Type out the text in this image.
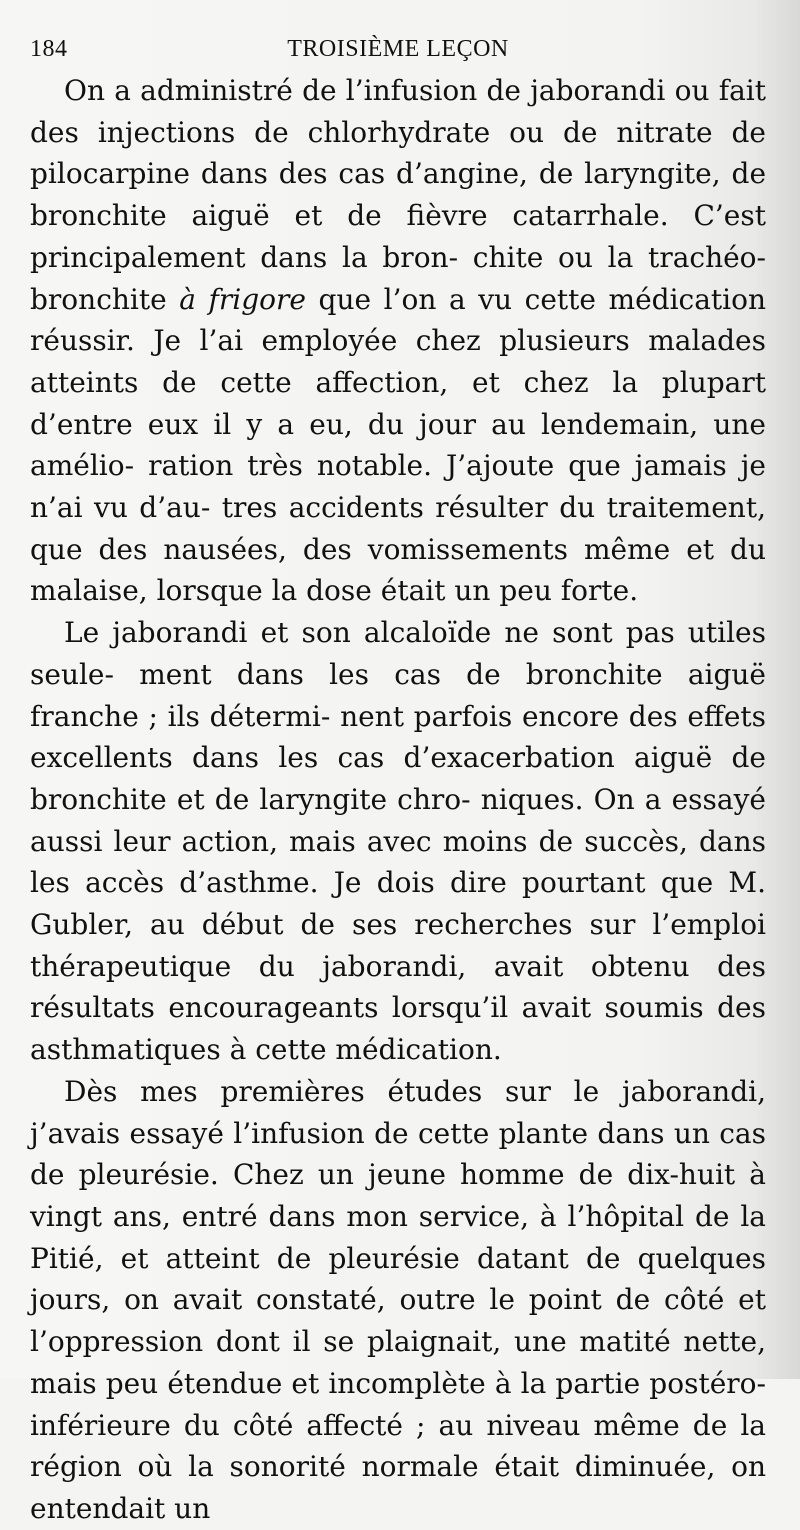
184	TROISIÈME LEÇON

On a administré de l’infusion de jaborandi ou fait des injections de chlorhydrate ou de nitrate de pilocarpine dans des cas d’angine, de laryngite, de bronchite aiguë et de fièvre catarrhale. C’est principalement dans la bron- chite ou la trachéo-bronchite à frigore que l’on a vu cette médication réussir. Je l’ai employée chez plusieurs malades atteints de cette affection, et chez la plupart d’entre eux il y a eu, du jour au lendemain, une amélio- ration très notable. J’ajoute que jamais je n’ai vu d’au- tres accidents résulter du traitement, que des nausées, des vomissements même et du malaise, lorsque la dose était un peu forte.

Le jaborandi et son alcaloïde ne sont pas utiles seule- ment dans les cas de bronchite aiguë franche ; ils détermi- nent parfois encore des effets excellents dans les cas d’exacerbation aiguë de bronchite et de laryngite chro- niques. On a essayé aussi leur action, mais avec moins de succès, dans les accès d’asthme. Je dois dire pourtant que M. Gubler, au début de ses recherches sur l’emploi thérapeutique du jaborandi, avait obtenu des résultats encourageants lorsqu’il avait soumis des asthmatiques à cette médication.

Dès mes premières études sur le jaborandi, j’avais essayé l’infusion de cette plante dans un cas de pleurésie. Chez un jeune homme de dix-huit à vingt ans, entré dans mon service, à l’hôpital de la Pitié, et atteint de pleurésie datant de quelques jours, on avait constaté, outre le point de côté et l’oppression dont il se plaignait, une matité nette, mais peu étendue et incomplète à la partie postéro- inférieure du côté affecté ; au niveau même de la région où la sonorité normale était diminuée, on entendait un
